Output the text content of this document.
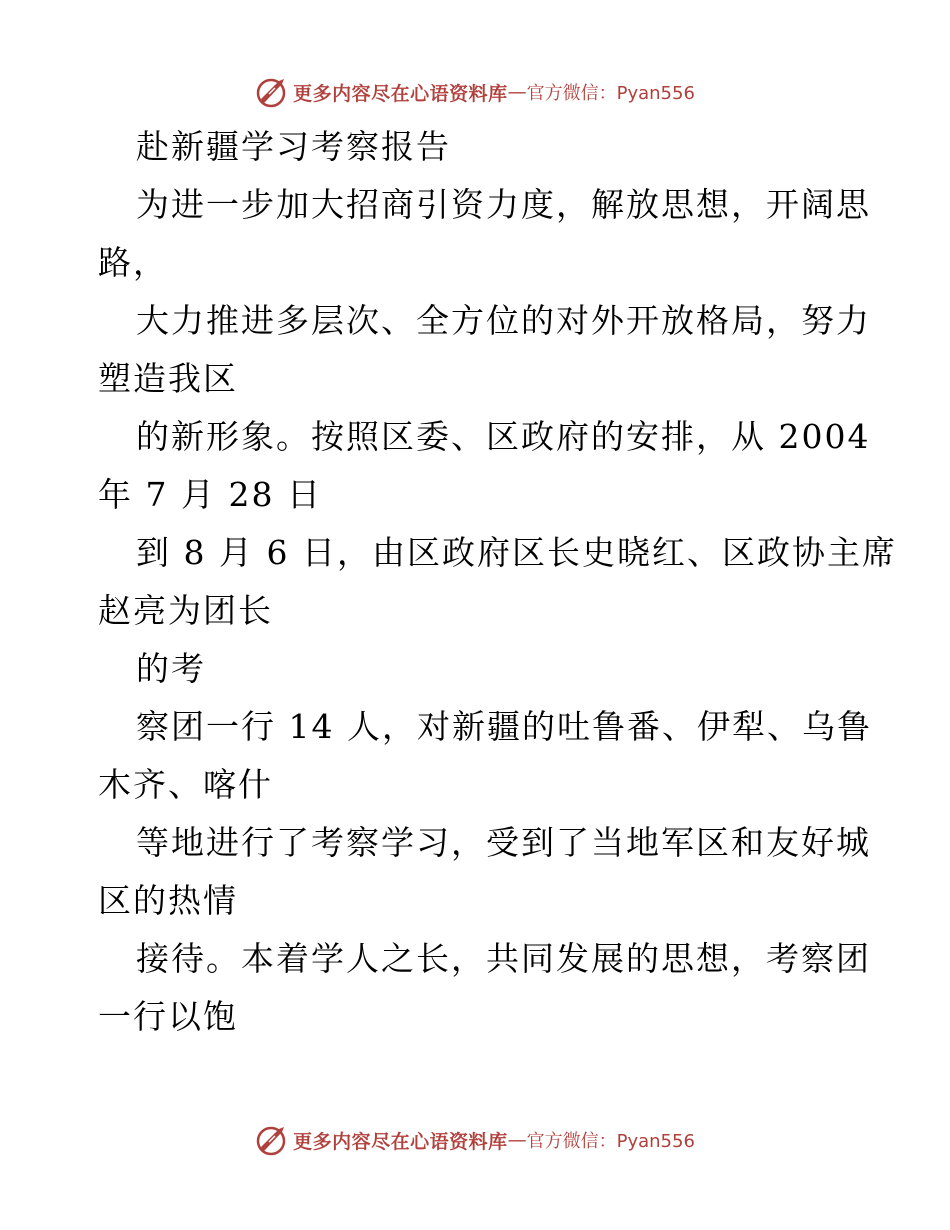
更多内容尽在心语资料库 — 官方微信：Pyan556
赴新疆学习考察报告
为进一步加大招商引资力度，解放思想，开阔思
路，
大力推进多层次、全方位的对外开放格局，努力
塑造我区
的新形象。按照区委、区政府的安排，从 2004
年 7 月 28 日
到 8 月 6 日，由区政府区长史晓红、区政协主席
赵亮为团长
的考
察团一行 14 人，对新疆的吐鲁番、伊犁、乌鲁
木齐、喀什
等地进行了考察学习，受到了当地军区和友好城
区的热情
接待。本着学人之长，共同发展的思想，考察团
一行以饱
更多内容尽在心语资料库 — 官方微信：Pyan556
